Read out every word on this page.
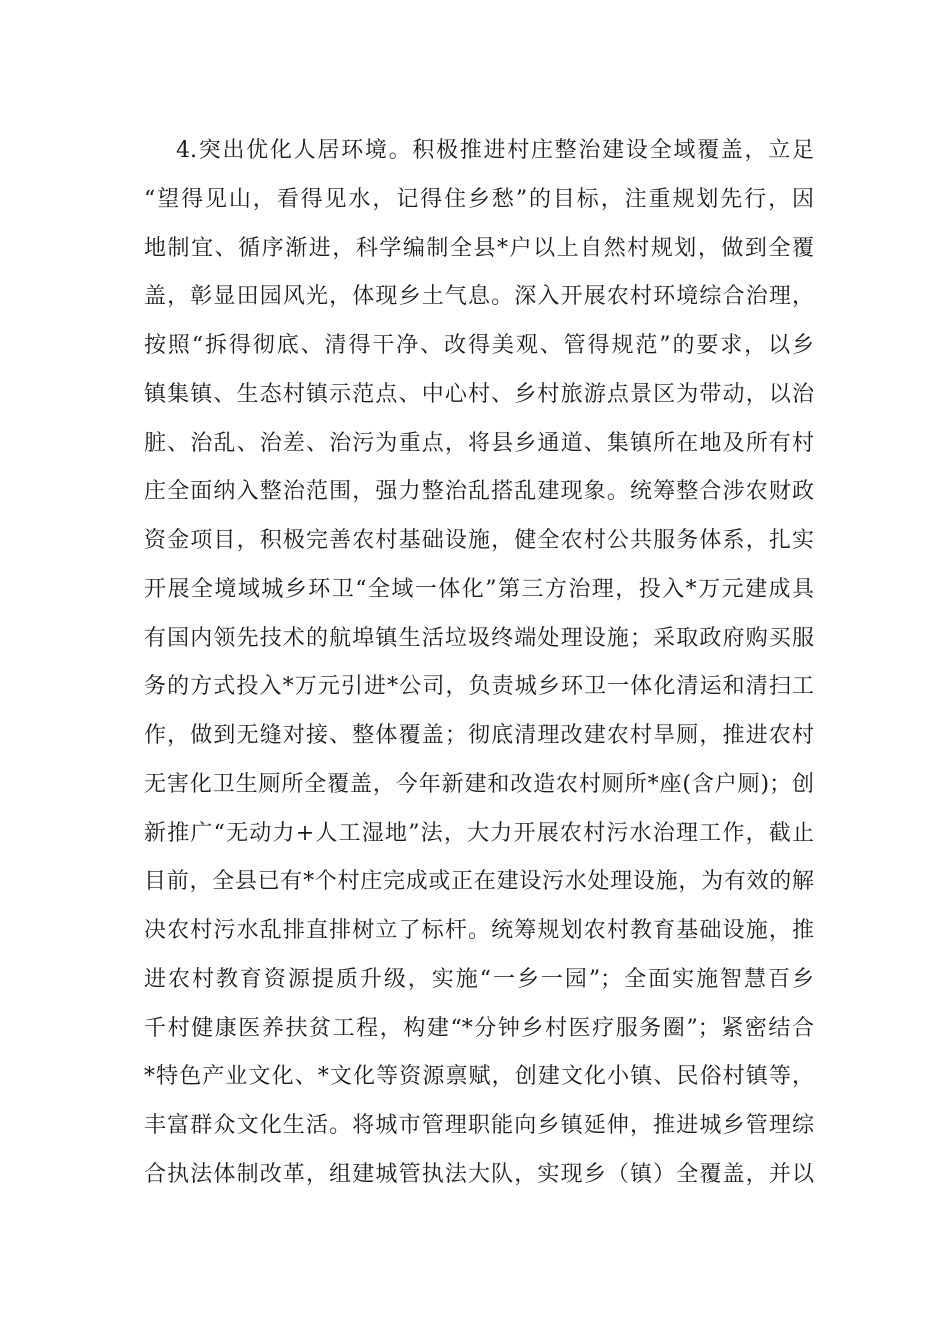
4.突出优化人居环境。积极推进村庄整治建设全域覆盖，立足
“望得见山，看得见水，记得住乡愁”的目标，注重规划先行，因
地制宜、循序渐进，科学编制全县*户以上自然村规划，做到全覆
盖，彰显田园风光，体现乡土气息。深入开展农村环境综合治理，
按照“拆得彻底、清得干净、改得美观、管得规范”的要求，以乡
镇集镇、生态村镇示范点、中心村、乡村旅游点景区为带动，以治
脏、治乱、治差、治污为重点，将县乡通道、集镇所在地及所有村
庄全面纳入整治范围，强力整治乱搭乱建现象。统筹整合涉农财政
资金项目，积极完善农村基础设施，健全农村公共服务体系，扎实
开展全境域城乡环卫“全域一体化”第三方治理，投入*万元建成具
有国内领先技术的航埠镇生活垃圾终端处理设施；采取政府购买服
务的方式投入*万元引进*公司，负责城乡环卫一体化清运和清扫工
作，做到无缝对接、整体覆盖；彻底清理改建农村旱厕，推进农村
无害化卫生厕所全覆盖，今年新建和改造农村厕所*座(含户厕)；创
新推广“无动力+人工湿地”法，大力开展农村污水治理工作，截止
目前，全县已有*个村庄完成或正在建设污水处理设施，为有效的解
决农村污水乱排直排树立了标杆。统筹规划农村教育基础设施，推
进农村教育资源提质升级，实施“一乡一园”；全面实施智慧百乡
千村健康医养扶贫工程，构建“*分钟乡村医疗服务圈”；紧密结合
*特色产业文化、*文化等资源禀赋，创建文化小镇、民俗村镇等，
丰富群众文化生活。将城市管理职能向乡镇延伸，推进城乡管理综
合执法体制改革，组建城管执法大队，实现乡（镇）全覆盖，并以
